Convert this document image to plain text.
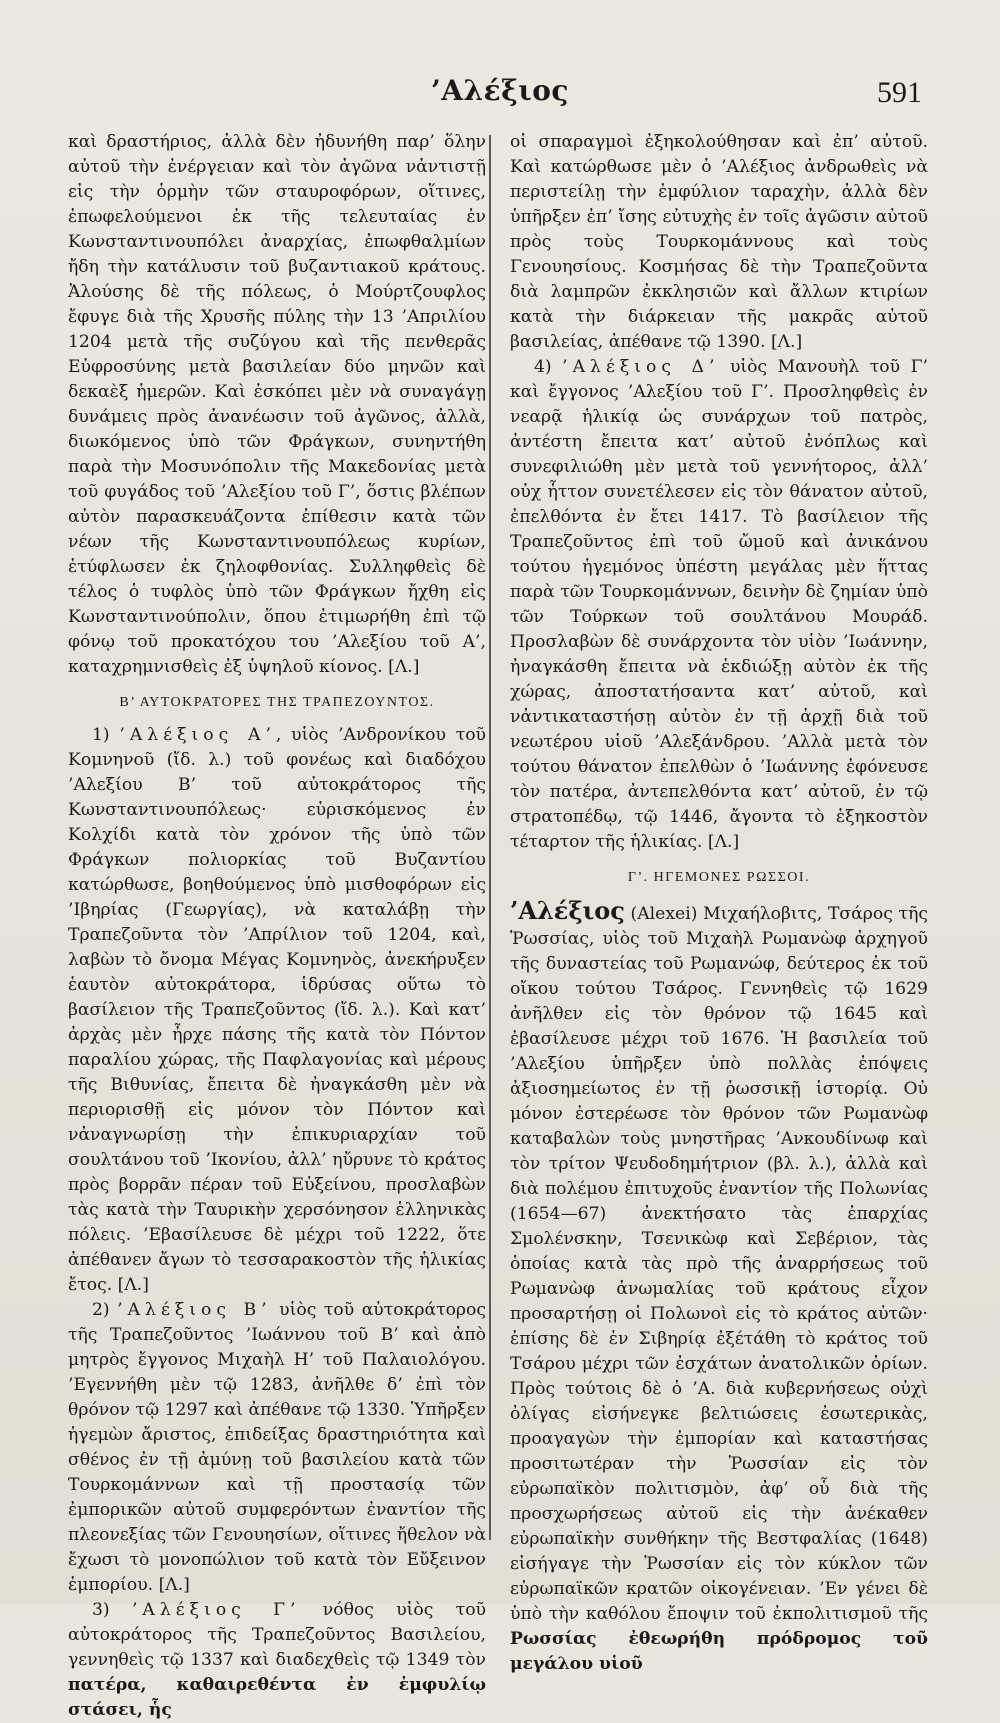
’Αλέξιος	591

καὶ δραστήριος, ἀλλὰ δὲν ἠδυνήθη παρ’ ὅλην αὐτοῦ τὴν ἐνέργειαν καὶ τὸν ἀγῶνα νἀντιστῇ εἰς τὴν ὁρμὴν τῶν σταυροφόρων, οἵτινες, ἐπωφελούμενοι ἐκ τῆς τελευταίας ἐν Κωνσταντινουπόλει ἀναρχίας, ἐπωφθαλμίων ἤδη τὴν κατάλυσιν τοῦ βυζαντιακοῦ κράτους. Ἁλούσης δὲ τῆς πόλεως, ὁ Μούρτζουφλος ἔφυγε διὰ τῆς Χρυσῆς πύλης τὴν 13 ’Απριλίου 1204 μετὰ τῆς συζύγου καὶ τῆς πενθερᾶς Εὐφροσύνης μετὰ βασιλείαν δύο μηνῶν καὶ δεκαὲξ ἡμερῶν. Καὶ ἐσκόπει μὲν νὰ συναγάγῃ δυνάμεις πρὸς ἀνανέωσιν τοῦ ἀγῶνος, ἀλλὰ, διωκόμενος ὑπὸ τῶν Φράγκων, συνηντήθη παρὰ τὴν Μοσυνόπολιν τῆς Μακεδονίας μετὰ τοῦ φυγάδος τοῦ ’Αλεξίου τοῦ Γ’, ὅστις βλέπων αὐτὸν παρασκευάζοντα ἐπίθεσιν κατὰ τῶν νέων τῆς Κωνσταντινουπόλεως κυρίων, ἐτύφλωσεν ἐκ ζηλοφθονίας. Συλληφθεὶς δὲ τέλος ὁ τυφλὸς ὑπὸ τῶν Φράγκων ἤχθη εἰς Κωνσταντινούπολιν, ὅπου ἐτιμωρήθη ἐπὶ τῷ φόνῳ τοῦ προκατόχου του ’Αλεξίου τοῦ Α’, καταχρημνισθεὶς ἐξ ὑψηλοῦ κίονος. [Λ.]

Β’ ΑΥΤΟΚΡΑΤΟΡΕΣ ΤΗΣ ΤΡΑΠΕΖΟΥΝΤΟΣ.

1) ’Αλέξιος Α’, υἱὸς ’Ανδρονίκου τοῦ Κομνηνοῦ (ἴδ. λ.) τοῦ φονέως καὶ διαδόχου ’Αλεξίου Β’ τοῦ αὐτοκράτορος τῆς Κωνσταντινουπόλεως· εὑρισκόμενος ἐν Κολχίδι κατὰ τὸν χρόνον τῆς ὑπὸ τῶν Φράγκων πολιορκίας τοῦ Βυζαντίου κατώρθωσε, βοηθούμενος ὑπὸ μισθοφόρων εἰς ’Ιβηρίας (Γεωργίας), νὰ καταλάβῃ τὴν Τραπεζοῦντα τὸν ’Απρίλιον τοῦ 1204, καὶ, λαβὼν τὸ ὄνομα Μέγας Κομνηνὸς, ἀνεκήρυξεν ἑαυτὸν αὐτοκράτορα, ἱδρύσας οὕτω τὸ βασίλειον τῆς Τραπεζοῦντος (ἴδ. λ.). Καὶ κατ’ ἀρχὰς μὲν ἦρχε πάσης τῆς κατὰ τὸν Πόντον παραλίου χώρας, τῆς Παφλαγονίας καὶ μέρους τῆς Βιθυνίας, ἔπειτα δὲ ἠναγκάσθη μὲν νὰ περιορισθῇ εἰς μόνον τὸν Πόντον καὶ νἀναγνωρίσῃ τὴν ἐπικυριαρχίαν τοῦ σουλτάνου τοῦ ’Ικονίου, ἀλλ’ ηὔρυνε τὸ κράτος πρὸς βορρᾶν πέραν τοῦ Εὐξείνου, προσλαβὼν τὰς κατὰ τὴν Ταυρικὴν χερσόνησον ἑλληνικὰς πόλεις. ’Εβασίλευσε δὲ μέχρι τοῦ 1222, ὅτε ἀπέθανεν ἄγων τὸ τεσσαρακοστὸν τῆς ἡλικίας ἔτος. [Λ.]

2) ’Αλέξιος Β’ υἱὸς τοῦ αὐτοκράτορος τῆς Τραπεζοῦντος ’Ιωάννου τοῦ Β’ καὶ ἀπὸ μητρὸς ἔγγονος Μιχαὴλ Η’ τοῦ Παλαιολόγου. ’Εγεννήθη μὲν τῷ 1283, ἀνῆλθε δ’ ἐπὶ τὸν θρόνον τῷ 1297 καὶ ἀπέθανε τῷ 1330. Ὑπῆρξεν ἡγεμὼν ἄριστος, ἐπιδείξας δραστηριότητα καὶ σθένος ἐν τῇ ἀμύνῃ τοῦ βασιλείου κατὰ τῶν Τουρκομάννων καὶ τῇ προστασίᾳ τῶν ἐμπορικῶν αὐτοῦ συμφερόντων ἐναντίον τῆς πλεονεξίας τῶν Γενουησίων, οἵτινες ἤθελον νὰ ἔχωσι τὸ μονοπώλιον τοῦ κατὰ τὸν Εὔξεινον ἐμπορίου. [Λ.]

3) ’Αλέξιος Γ’ νόθος υἱὸς τοῦ αὐτοκράτορος τῆς Τραπεζοῦντος Βασιλείου, γεννηθεὶς τῷ 1337 καὶ διαδεχθεὶς τῷ 1349 τὸν πατέρα, καθαιρεθέντα ἐν ἐμφυλίῳ στάσει, ἧς

οἱ σπαραγμοὶ ἐξηκολούθησαν καὶ ἐπ’ αὐτοῦ. Καὶ κατώρθωσε μὲν ὁ ’Αλέξιος ἀνδρωθεὶς νὰ περιστείλῃ τὴν ἐμφύλιον ταραχὴν, ἀλλὰ δὲν ὑπῆρξεν ἐπ’ ἴσης εὐτυχὴς ἐν τοῖς ἀγῶσιν αὐτοῦ πρὸς τοὺς Τουρκομάννους καὶ τοὺς Γενουησίους. Κοσμήσας δὲ τὴν Τραπεζοῦντα διὰ λαμπρῶν ἐκκλησιῶν καὶ ἄλλων κτιρίων κατὰ τὴν διάρκειαν τῆς μακρᾶς αὐτοῦ βασιλείας, ἀπέθανε τῷ 1390. [Λ.]

4) ’Αλέξιος Δ’ υἱὸς Μανουὴλ τοῦ Γ’ καὶ ἔγγονος ’Αλεξίου τοῦ Γ’. Προσληφθεὶς ἐν νεαρᾷ ἡλικίᾳ ὡς συνάρχων τοῦ πατρὸς, ἀντέστη ἔπειτα κατ’ αὐτοῦ ἐνόπλως καὶ συνεφιλιώθη μὲν μετὰ τοῦ γεννήτορος, ἀλλ’ οὐχ ἧττον συνετέλεσεν εἰς τὸν θάνατον αὐτοῦ, ἐπελθόντα ἐν ἔτει 1417. Τὸ βασίλειον τῆς Τραπεζοῦντος ἐπὶ τοῦ ὤμοῦ καὶ ἀνικάνου τούτου ἡγεμόνος ὑπέστη μεγάλας μὲν ἥττας παρὰ τῶν Τουρκομάννων, δεινὴν δὲ ζημίαν ὑπὸ τῶν Τούρκων τοῦ σουλτάνου Μουράδ. Προσλαβὼν δὲ συνάρχοντα τὸν υἱὸν ’Ιωάννην, ἠναγκάσθη ἔπειτα νὰ ἐκδιώξῃ αὐτὸν ἐκ τῆς χώρας, ἀποστατήσαντα κατ’ αὐτοῦ, καὶ νἀντικαταστήσῃ αὐτὸν ἐν τῇ ἀρχῇ διὰ τοῦ νεωτέρου υἱοῦ ’Αλεξάνδρου. ’Αλλὰ μετὰ τὸν τούτου θάνατον ἐπελθὼν ὁ ’Ιωάννης ἐφόνευσε τὸν πατέρα, ἀντεπελθόντα κατ’ αὐτοῦ, ἐν τῷ στρατοπέδῳ, τῷ 1446, ἄγοντα τὸ ἑξηκοστὸν τέταρτον τῆς ἡλικίας. [Λ.]

Γ’. ΗΓΕΜΟΝΕΣ ΡΩΣΣΟΙ.

’Αλέξιος (Alexei) Μιχαήλοβιτς, Τσάρος τῆς Ῥωσσίας, υἱὸς τοῦ Μιχαὴλ Ρωμανὼφ ἀρχηγοῦ τῆς δυναστείας τοῦ Ρωμανώφ, δεύτερος ἐκ τοῦ οἴκου τούτου Τσάρος. Γεννηθεὶς τῷ 1629 ἀνῆλθεν εἰς τὸν θρόνον τῷ 1645 καὶ ἐβασίλευσε μέχρι τοῦ 1676. Ἡ βασιλεία τοῦ ’Αλεξίου ὑπῆρξεν ὑπὸ πολλὰς ἐπόψεις ἀξιοσημείωτος ἐν τῇ ῥωσσικῇ ἱστορίᾳ. Οὐ μόνον ἐστερέωσε τὸν θρόνον τῶν Ρωμανὼφ καταβαλὼν τοὺς μνηστῆρας ’Ανκουδίνωφ καὶ τὸν τρίτον Ψευδοδημήτριον (βλ. λ.), ἀλλὰ καὶ διὰ πολέμου ἐπιτυχοῦς ἐναντίον τῆς Πολωνίας (1654—67) ἀνεκτήσατο τὰς ἐπαρχίας Σμολένσκην, Τσενικὼφ καὶ Σεβέριον, τὰς ὁποίας κατὰ τὰς πρὸ τῆς ἀναρρήσεως τοῦ Ρωμανὼφ ἀνωμαλίας τοῦ κράτους εἶχον προσαρτήσῃ οἱ Πολωνοὶ εἰς τὸ κράτος αὐτῶν· ἐπίσης δὲ ἐν Σιβηρίᾳ ἐξέτάθη τὸ κράτος τοῦ Τσάρου μέχρι τῶν ἐσχάτων ἀνατολικῶν ὁρίων. Πρὸς τούτοις δὲ ὁ ’Α. διὰ κυβερνήσεως οὐχὶ ὀλίγας εἰσήνεγκε βελτιώσεις ἐσωτερικὰς, προαγαγὼν τὴν ἐμπορίαν καὶ καταστήσας προσιτωτέραν τὴν Ῥωσσίαν εἰς τὸν εὐρωπαϊκὸν πολιτισμὸν, ἀφ’ οὗ διὰ τῆς προσχωρήσεως αὐτοῦ εἰς τὴν ἀνέκαθεν εὐρωπαϊκὴν συνθήκην τῆς Βεστφαλίας (1648) εἰσήγαγε τὴν Ῥωσσίαν εἰς τὸν κύκλον τῶν εὐρωπαϊκῶν κρατῶν οἰκογένειαν. ’Εν γένει δὲ ὑπὸ τὴν καθόλου ἔποψιν τοῦ ἐκπολιτισμοῦ τῆς Ρωσσίας ἐθεωρήθη πρόδρομος τοῦ μεγάλου υἱοῦ
